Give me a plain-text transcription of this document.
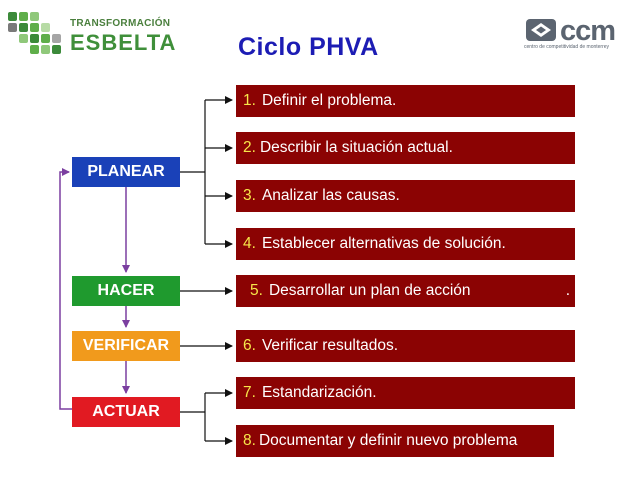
TRANSFORMACIÓN
ESBELTA	ccm
centro de competitividad de monterrey
Ciclo PHVA
PLANEAR
HACER
VERIFICAR
ACTUAR
1. Definir el problema.
2. Describir la situación actual.
3. Analizar las causas.
4. Establecer alternativas de solución.
5. Desarrollar un plan de acción	.
6. Verificar resultados.
7. Estandarización.
8. Documentar y definir nuevo problema
